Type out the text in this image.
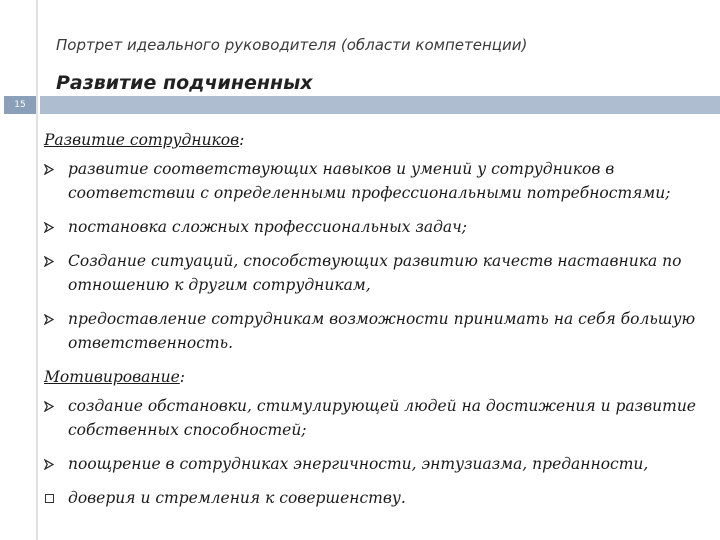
Портрет идеального руководителя (области компетенции)
Развитие подчиненных
15
Развитие сотрудников:
развитие соответствующих навыков и умений у сотрудников в соответствии с определенными профессиональными потребностями;
постановка сложных профессиональных задач;
Создание ситуаций, способствующих развитию качеств наставника по отношению к другим сотрудникам,
предоставление сотрудникам возможности принимать на себя большую ответственность.
Мотивирование:
создание обстановки, стимулирующей людей на достижения и развитие собственных способностей;
поощрение в сотрудниках энергичности, энтузиазма, преданности,
доверия и стремления к совершенству.
